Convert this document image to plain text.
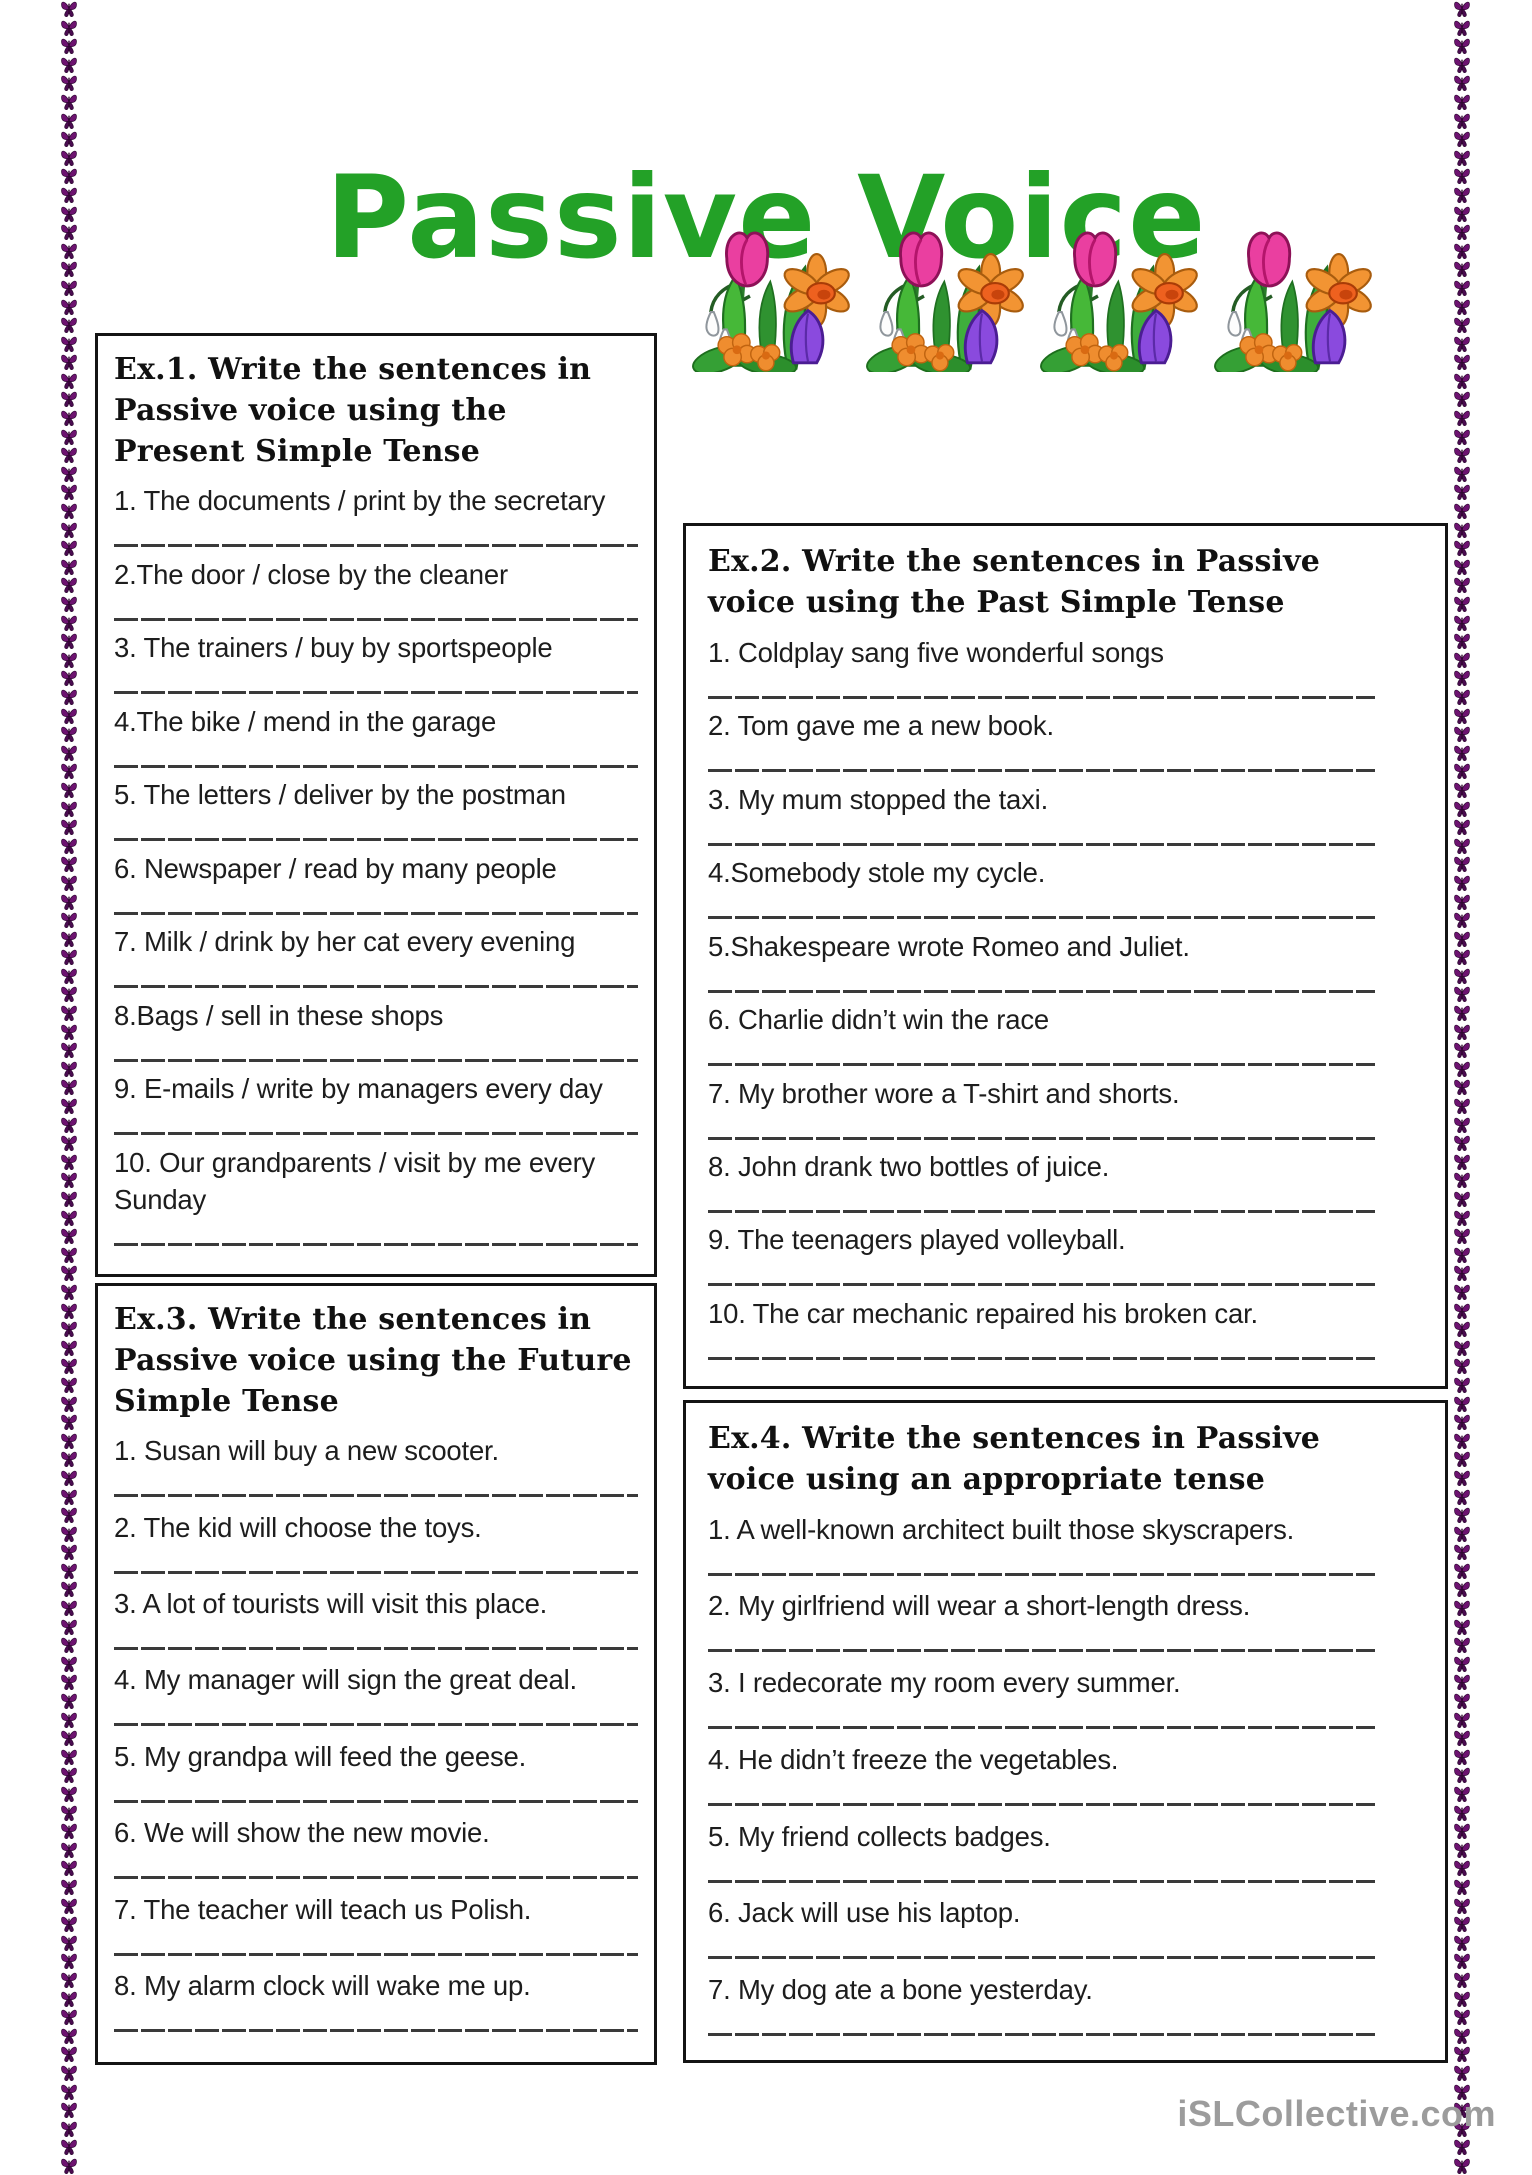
Passive Voice
Ex.1. Write the sentences in Passive voice using the Present Simple Tense

1. The documents / print by the secretary

2.The door / close by the cleaner

3. The trainers / buy by sportspeople

4.The bike / mend in the garage

5. The letters / deliver by the postman

6. Newspaper / read by many people

7. Milk / drink by her cat every evening

8.Bags / sell in these shops

9. E-mails / write by managers every day

10. Our grandparents / visit by me every Sunday

Ex.2. Write the sentences in Passive voice using the Past Simple Tense

1. Coldplay sang five wonderful songs

2. Tom gave me a new book.

3. My mum stopped the taxi.

4.Somebody stole my cycle.

5.Shakespeare wrote Romeo and Juliet.

6. Charlie didn’t win the race

7. My brother wore a T-shirt and shorts.

8. John drank two bottles of juice.

9. The teenagers played volleyball.

10. The car mechanic repaired his broken car.

Ex.3. Write the sentences in Passive voice using the Future Simple Tense

1. Susan will buy a new scooter.

2. The kid will choose the toys.

3. A lot of tourists will visit this place.

4. My manager will sign the great deal.

5. My grandpa will feed the geese.

6. We will show the new movie.

7. The teacher will teach us Polish.

8. My alarm clock will wake me up.

Ex.4. Write the sentences in Passive voice using an appropriate tense

1. A well-known architect built those skyscrapers.

2. My girlfriend will wear a short-length dress.

3. I redecorate my room every summer.

4. He didn’t freeze the vegetables.

5. My friend collects badges.

6. Jack will use his laptop.

7. My dog ate a bone yesterday.

iSLCollective.com
